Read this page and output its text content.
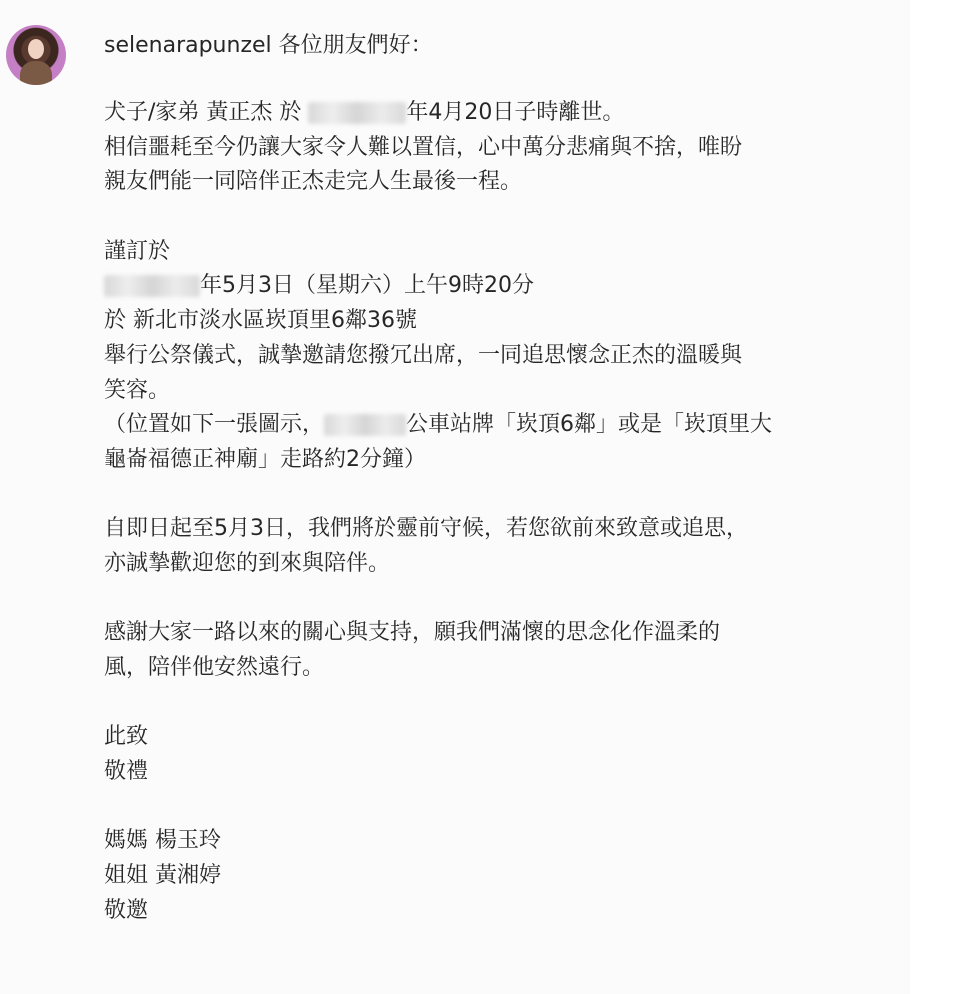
selenarapunzel 各位朋友們好：
犬子/家弟 黃正杰 於	年4月20日子時離世。
相信噩耗至今仍讓大家令人難以置信，心中萬分悲痛與不捨，唯盼
親友們能一同陪伴正杰走完人生最後一程。
謹訂於
年5月3日（星期六）上午9時20分
於 新北市淡水區崁頂里6鄰36號
舉行公祭儀式，誠摯邀請您撥冗出席，一同追思懷念正杰的溫暖與
笑容。
（位置如下一張圖示，	公車站牌「崁頂6鄰」或是「崁頂里大
龜崙福德正神廟」走路約2分鐘）
自即日起至5月3日，我們將於靈前守候，若您欲前來致意或追思，
亦誠摯歡迎您的到來與陪伴。
感謝大家一路以來的關心與支持，願我們滿懷的思念化作溫柔的
風，陪伴他安然遠行。
此致
敬禮
媽媽 楊玉玲
姐姐 黃湘婷
敬邀
